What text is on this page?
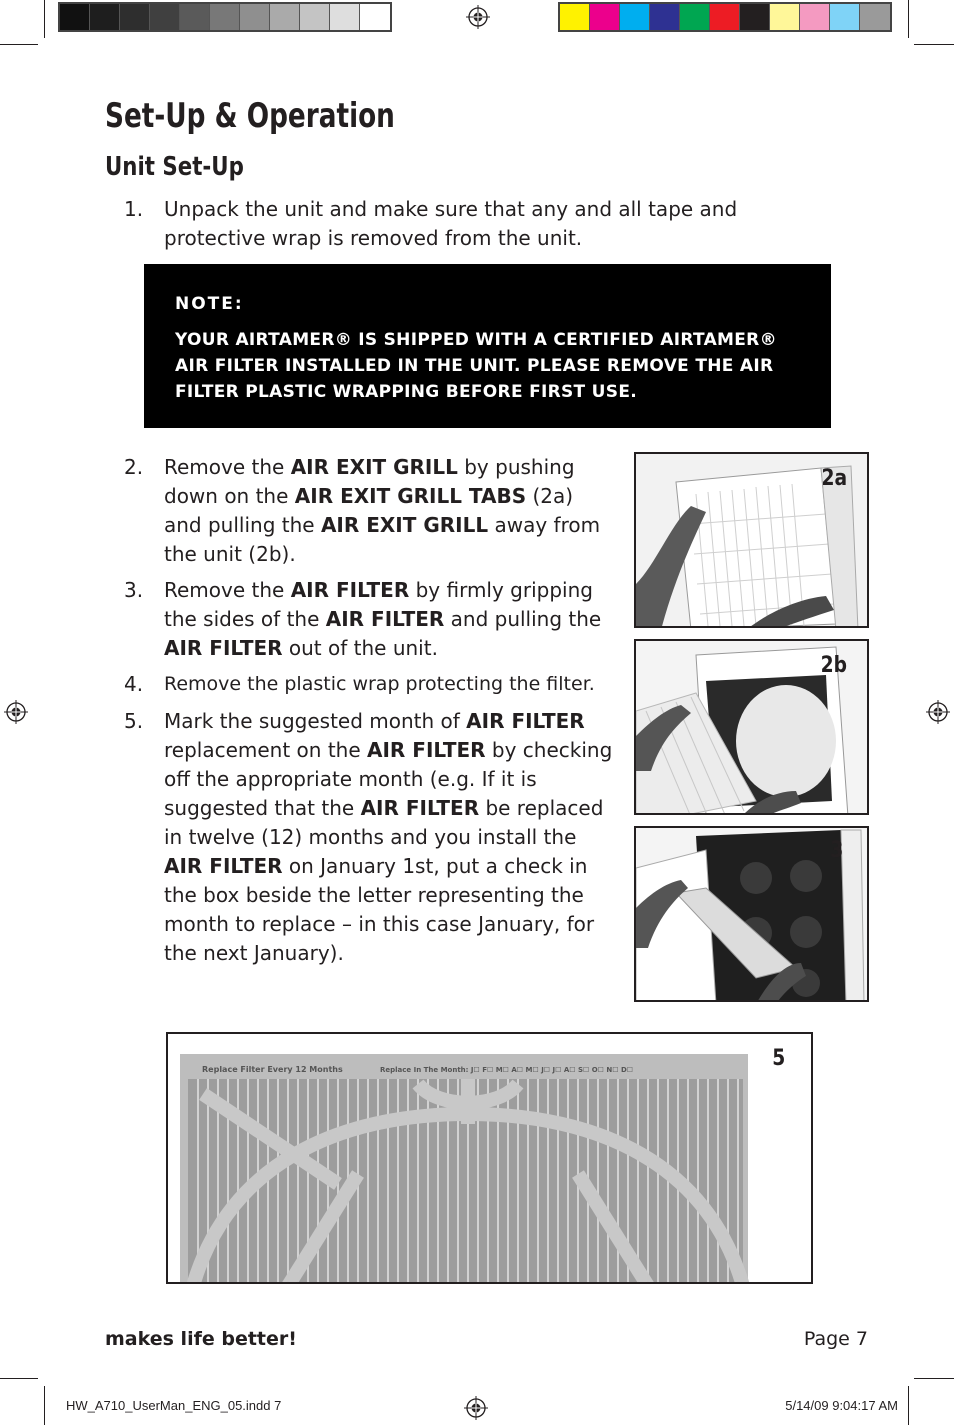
Set-Up & Operation
Unit Set-Up
1. Unpack the unit and make sure that any and all tape and protective wrap is removed from the unit.
NOTE:
YOUR AIRTAMER® IS SHIPPED WITH A CERTIFIED AIRTAMER® AIR FILTER INSTALLED IN THE UNIT. PLEASE REMOVE THE AIR FILTER PLASTIC WRAPPING BEFORE FIRST USE.
2. Remove the AIR EXIT GRILL by pushing down on the AIR EXIT GRILL TABS (2a) and pulling the AIR EXIT GRILL away from the unit (2b).
3. Remove the AIR FILTER by firmly gripping the sides of the AIR FILTER and pulling the AIR FILTER out of the unit.
4. Remove the plastic wrap protecting the filter.
5. Mark the suggested month of AIR FILTER replacement on the AIR FILTER by checking off the appropriate month (e.g. If it is suggested that the AIR FILTER be replaced in twelve (12) months and you install the AIR FILTER on January 1st, put a check in the box beside the letter representing the month to replace – in this case January, for the next January).
2a
2b
3
Replace Filter Every 12 Months	Replace In The Month: J☐ F☐ M☐ A☐ M☐ J☐ J☐ A☐ S☐ O☐ N☐ D☐	5
makes life better!	Page 7
HW_A710_UserMan_ENG_05.indd 7	5/14/09 9:04:17 AM
